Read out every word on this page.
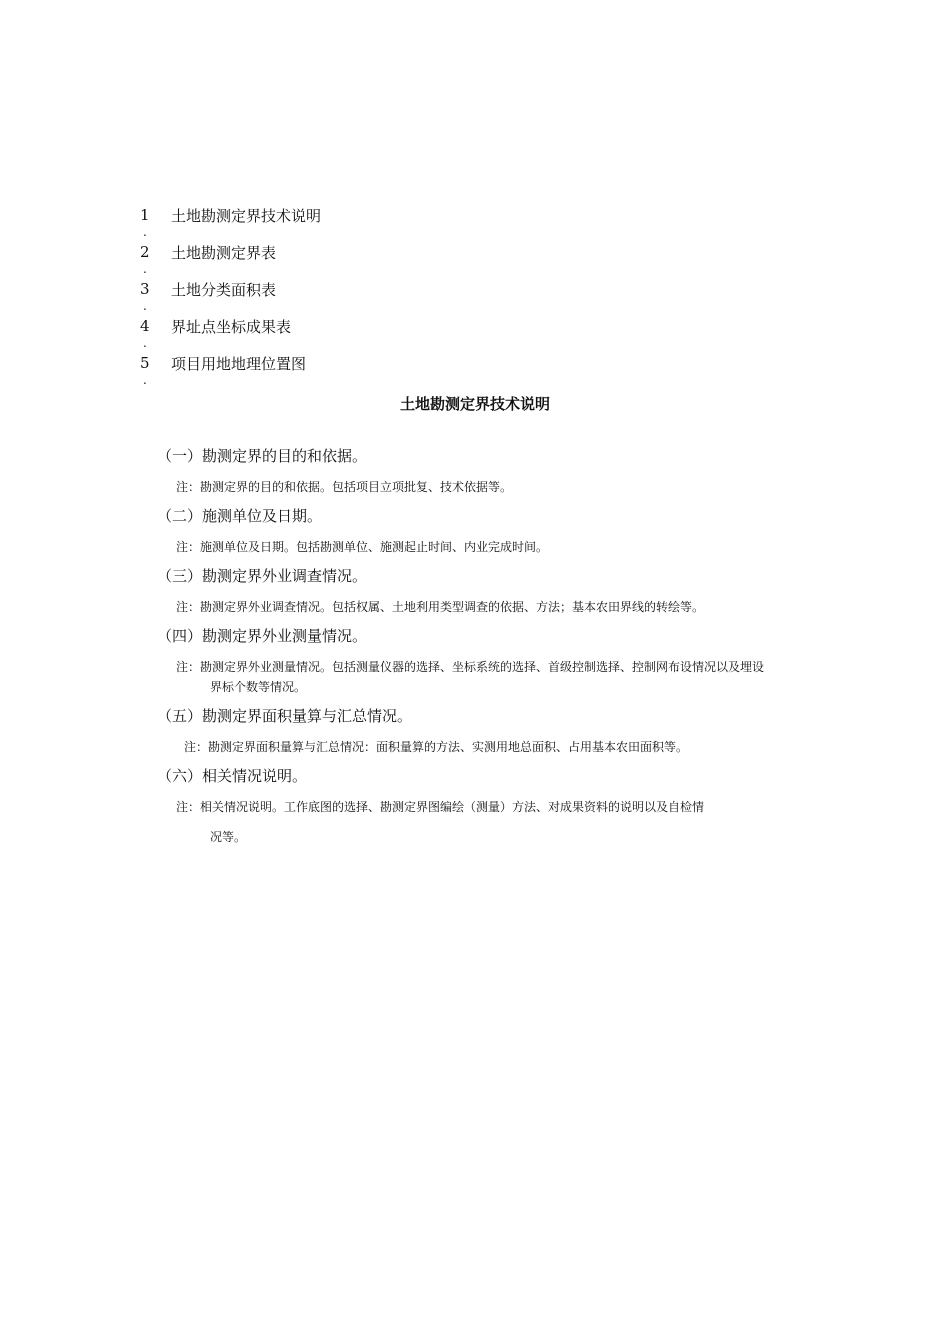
1
.
土地勘测定界技术说明
2
.
土地勘测定界表
3
.
土地分类面积表
4
.
界址点坐标成果表
5
.
项目用地地理位置图
土地勘测定界技术说明

（一）勘测定界的目的和依据。

注：勘测定界的目的和依据。包括项目立项批复、技术依据等。

（二）施测单位及日期。

注：施测单位及日期。包括勘测单位、施测起止时间、内业完成时间。

（三）勘测定界外业调查情况。

注：勘测定界外业调查情况。包括权属、土地利用类型调查的依据、方法；基本农田界线的转绘等。

（四）勘测定界外业测量情况。

注：勘测定界外业测量情况。包括测量仪器的选择、坐标系统的选择、首级控制选择、控制网布设情况以及埋设

界标个数等情况。

（五）勘测定界面积量算与汇总情况。

注：勘测定界面积量算与汇总情况：面积量算的方法、实测用地总面积、占用基本农田面积等。

（六）相关情况说明。

注：相关情况说明。工作底图的选择、勘测定界图编绘（测量）方法、对成果资料的说明以及自检情

况等。
